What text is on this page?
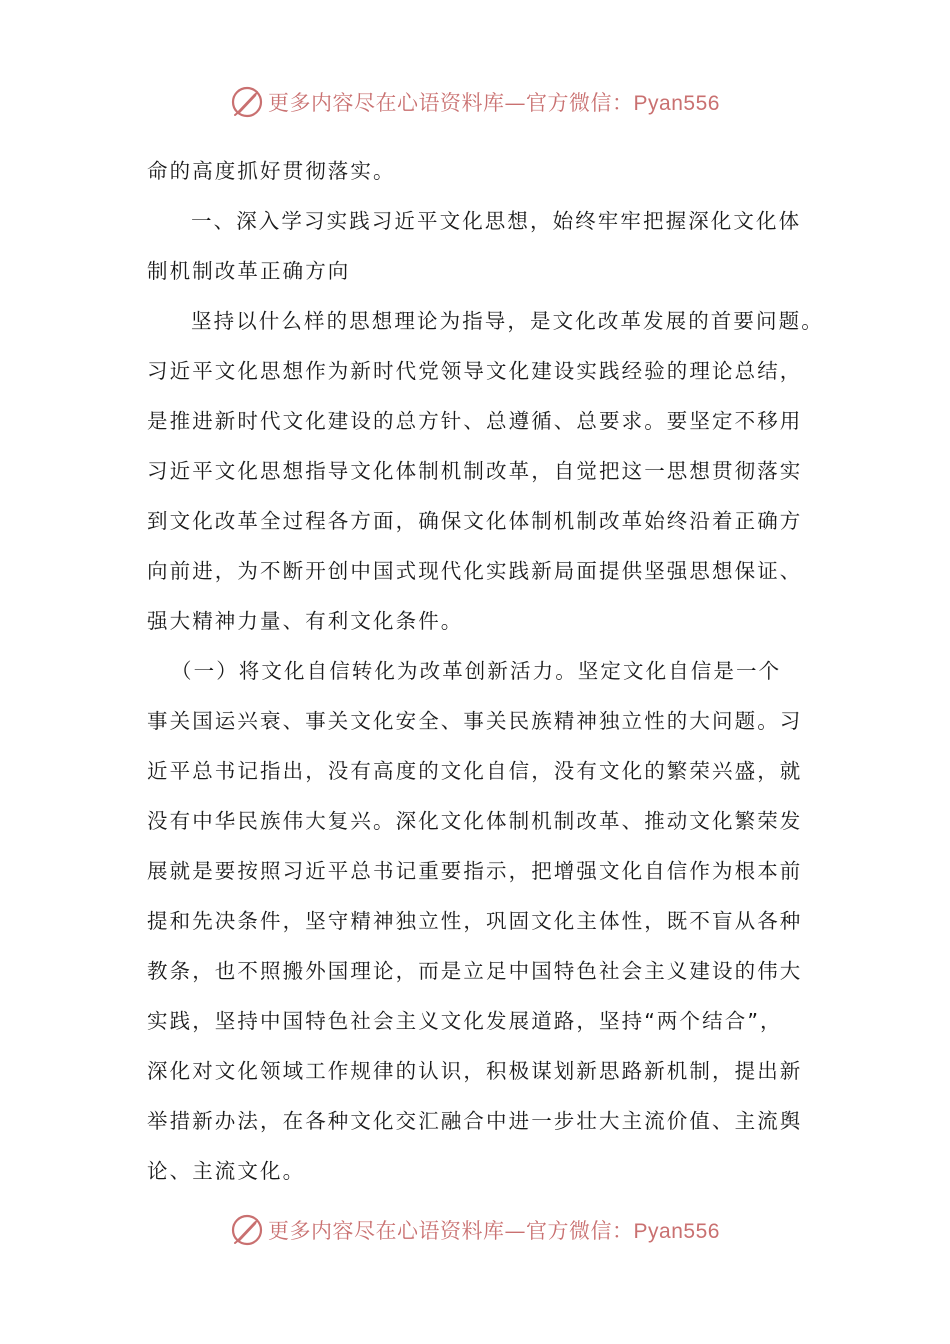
更多内容尽在心语资料库—官方微信：Pyan556
命的高度抓好贯彻落实。
一、深入学习实践习近平文化思想，始终牢牢把握深化文化体
制机制改革正确方向
坚持以什么样的思想理论为指导，是文化改革发展的首要问题。
习近平文化思想作为新时代党领导文化建设实践经验的理论总结，
是推进新时代文化建设的总方针、总遵循、总要求。要坚定不移用
习近平文化思想指导文化体制机制改革，自觉把这一思想贯彻落实
到文化改革全过程各方面，确保文化体制机制改革始终沿着正确方
向前进，为不断开创中国式现代化实践新局面提供坚强思想保证、
强大精神力量、有利文化条件。
（一）将文化自信转化为改革创新活力。坚定文化自信是一个
事关国运兴衰、事关文化安全、事关民族精神独立性的大问题。习
近平总书记指出，没有高度的文化自信，没有文化的繁荣兴盛，就
没有中华民族伟大复兴。深化文化体制机制改革、推动文化繁荣发
展就是要按照习近平总书记重要指示，把增强文化自信作为根本前
提和先决条件，坚守精神独立性，巩固文化主体性，既不盲从各种
教条，也不照搬外国理论，而是立足中国特色社会主义建设的伟大
实践，坚持中国特色社会主义文化发展道路，坚持“两个结合”，
深化对文化领域工作规律的认识，积极谋划新思路新机制，提出新
举措新办法，在各种文化交汇融合中进一步壮大主流价值、主流舆
论、主流文化。
更多内容尽在心语资料库—官方微信：Pyan556
